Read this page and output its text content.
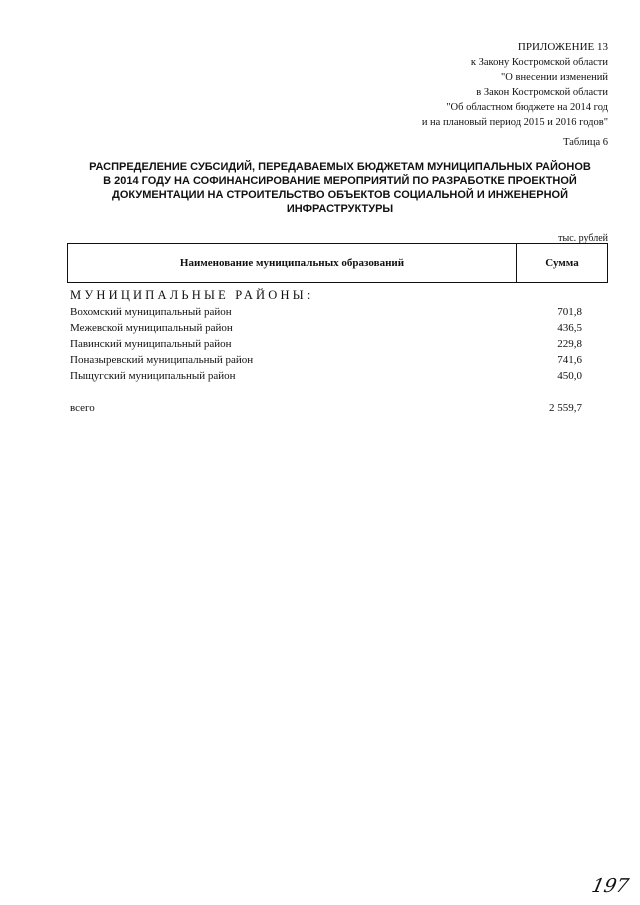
ПРИЛОЖЕНИЕ 13
к Закону Костромской области
"О внесении изменений
в Закон Костромской области
"Об областном бюджете на 2014 год
и на плановый период 2015 и 2016 годов"
Таблица 6
РАСПРЕДЕЛЕНИЕ СУБСИДИЙ, ПЕРЕДАВАЕМЫХ БЮДЖЕТАМ МУНИЦИПАЛЬНЫХ РАЙОНОВ
В 2014 ГОДУ НА СОФИНАНСИРОВАНИЕ МЕРОПРИЯТИЙ ПО РАЗРАБОТКЕ ПРОЕКТНОЙ
ДОКУМЕНТАЦИИ НА СТРОИТЕЛЬСТВО ОБЪЕКТОВ СОЦИАЛЬНОЙ И ИНЖЕНЕРНОЙ
ИНФРАСТРУКТУРЫ
тыс. рублей
Наименование муниципальных образований	Сумма
МУНИЦИПАЛЬНЫЕ РАЙОНЫ:
Вохомский муниципальный район	701,8
Межевской муниципальный район	436,5
Павинский муниципальный район	229,8
Поназыревский муниципальный район	741,6
Пыщугский муниципальный район	450,0
всего	2 559,7
197
